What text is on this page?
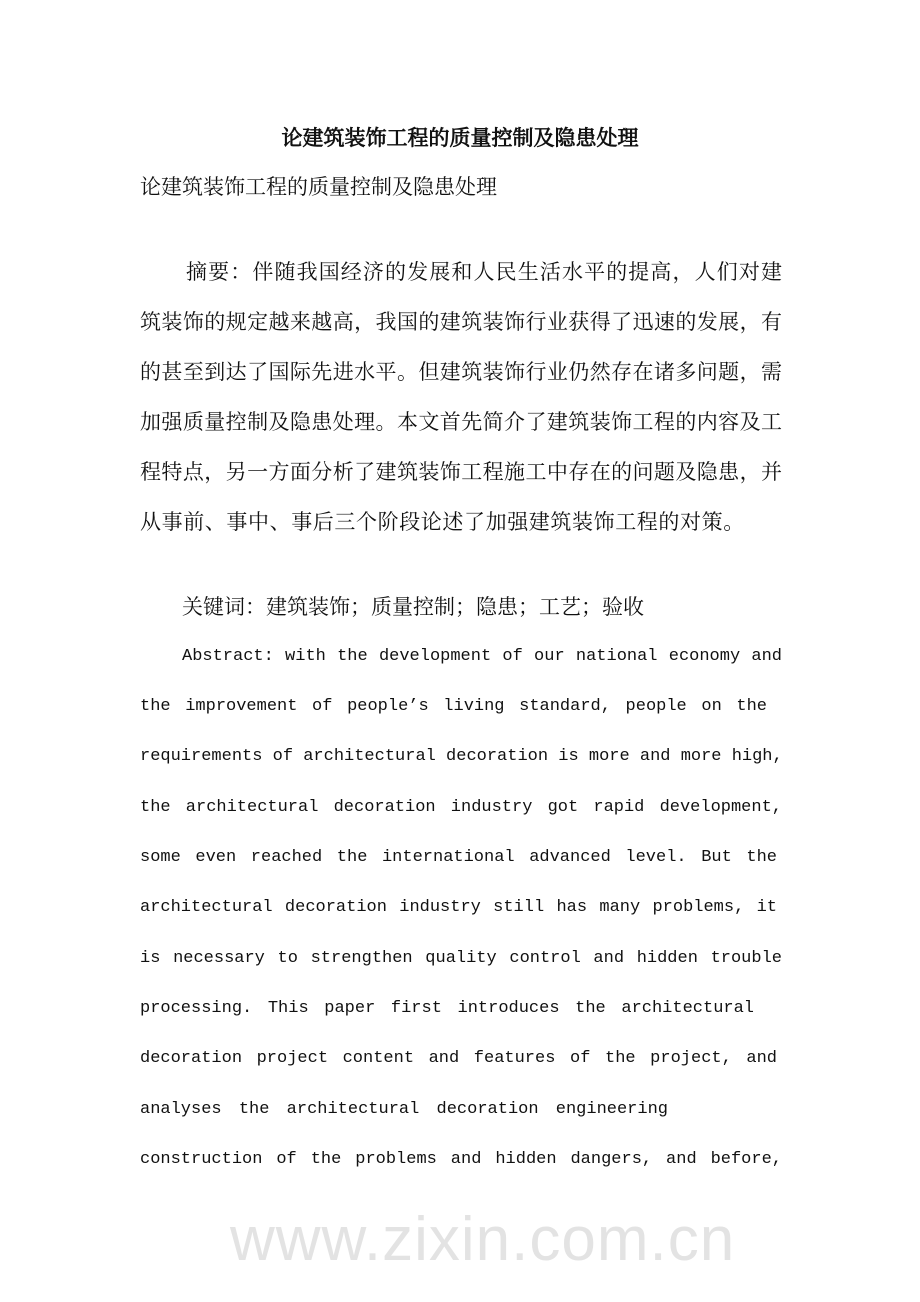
论建筑装饰工程的质量控制及隐患处理
论建筑装饰工程的质量控制及隐患处理
摘要：伴随我国经济的发展和人民生活水平的提高，人们对建
筑装饰的规定越来越高，我国的建筑装饰行业获得了迅速的发展，有
的甚至到达了国际先进水平。但建筑装饰行业仍然存在诸多问题，需
加强质量控制及隐患处理。本文首先简介了建筑装饰工程的内容及工
程特点，另一方面分析了建筑装饰工程施工中存在的问题及隐患，并
从事前、事中、事后三个阶段论述了加强建筑装饰工程的对策。
关键词：建筑装饰；质量控制；隐患；工艺；验收
Abstract: with the development of our national economy and
the improvement of people’s living standard, people on the
requirements of architectural decoration is more and more high,
the architectural decoration industry got rapid development,
some even reached the international advanced level. But the
architectural decoration industry still has many problems, it
is necessary to strengthen quality control and hidden trouble
processing. This paper first introduces the architectural
decoration project content and features of the project, and
analyses the architectural decoration engineering
construction of the problems and hidden dangers, and before,
www.zixin.com.cn
